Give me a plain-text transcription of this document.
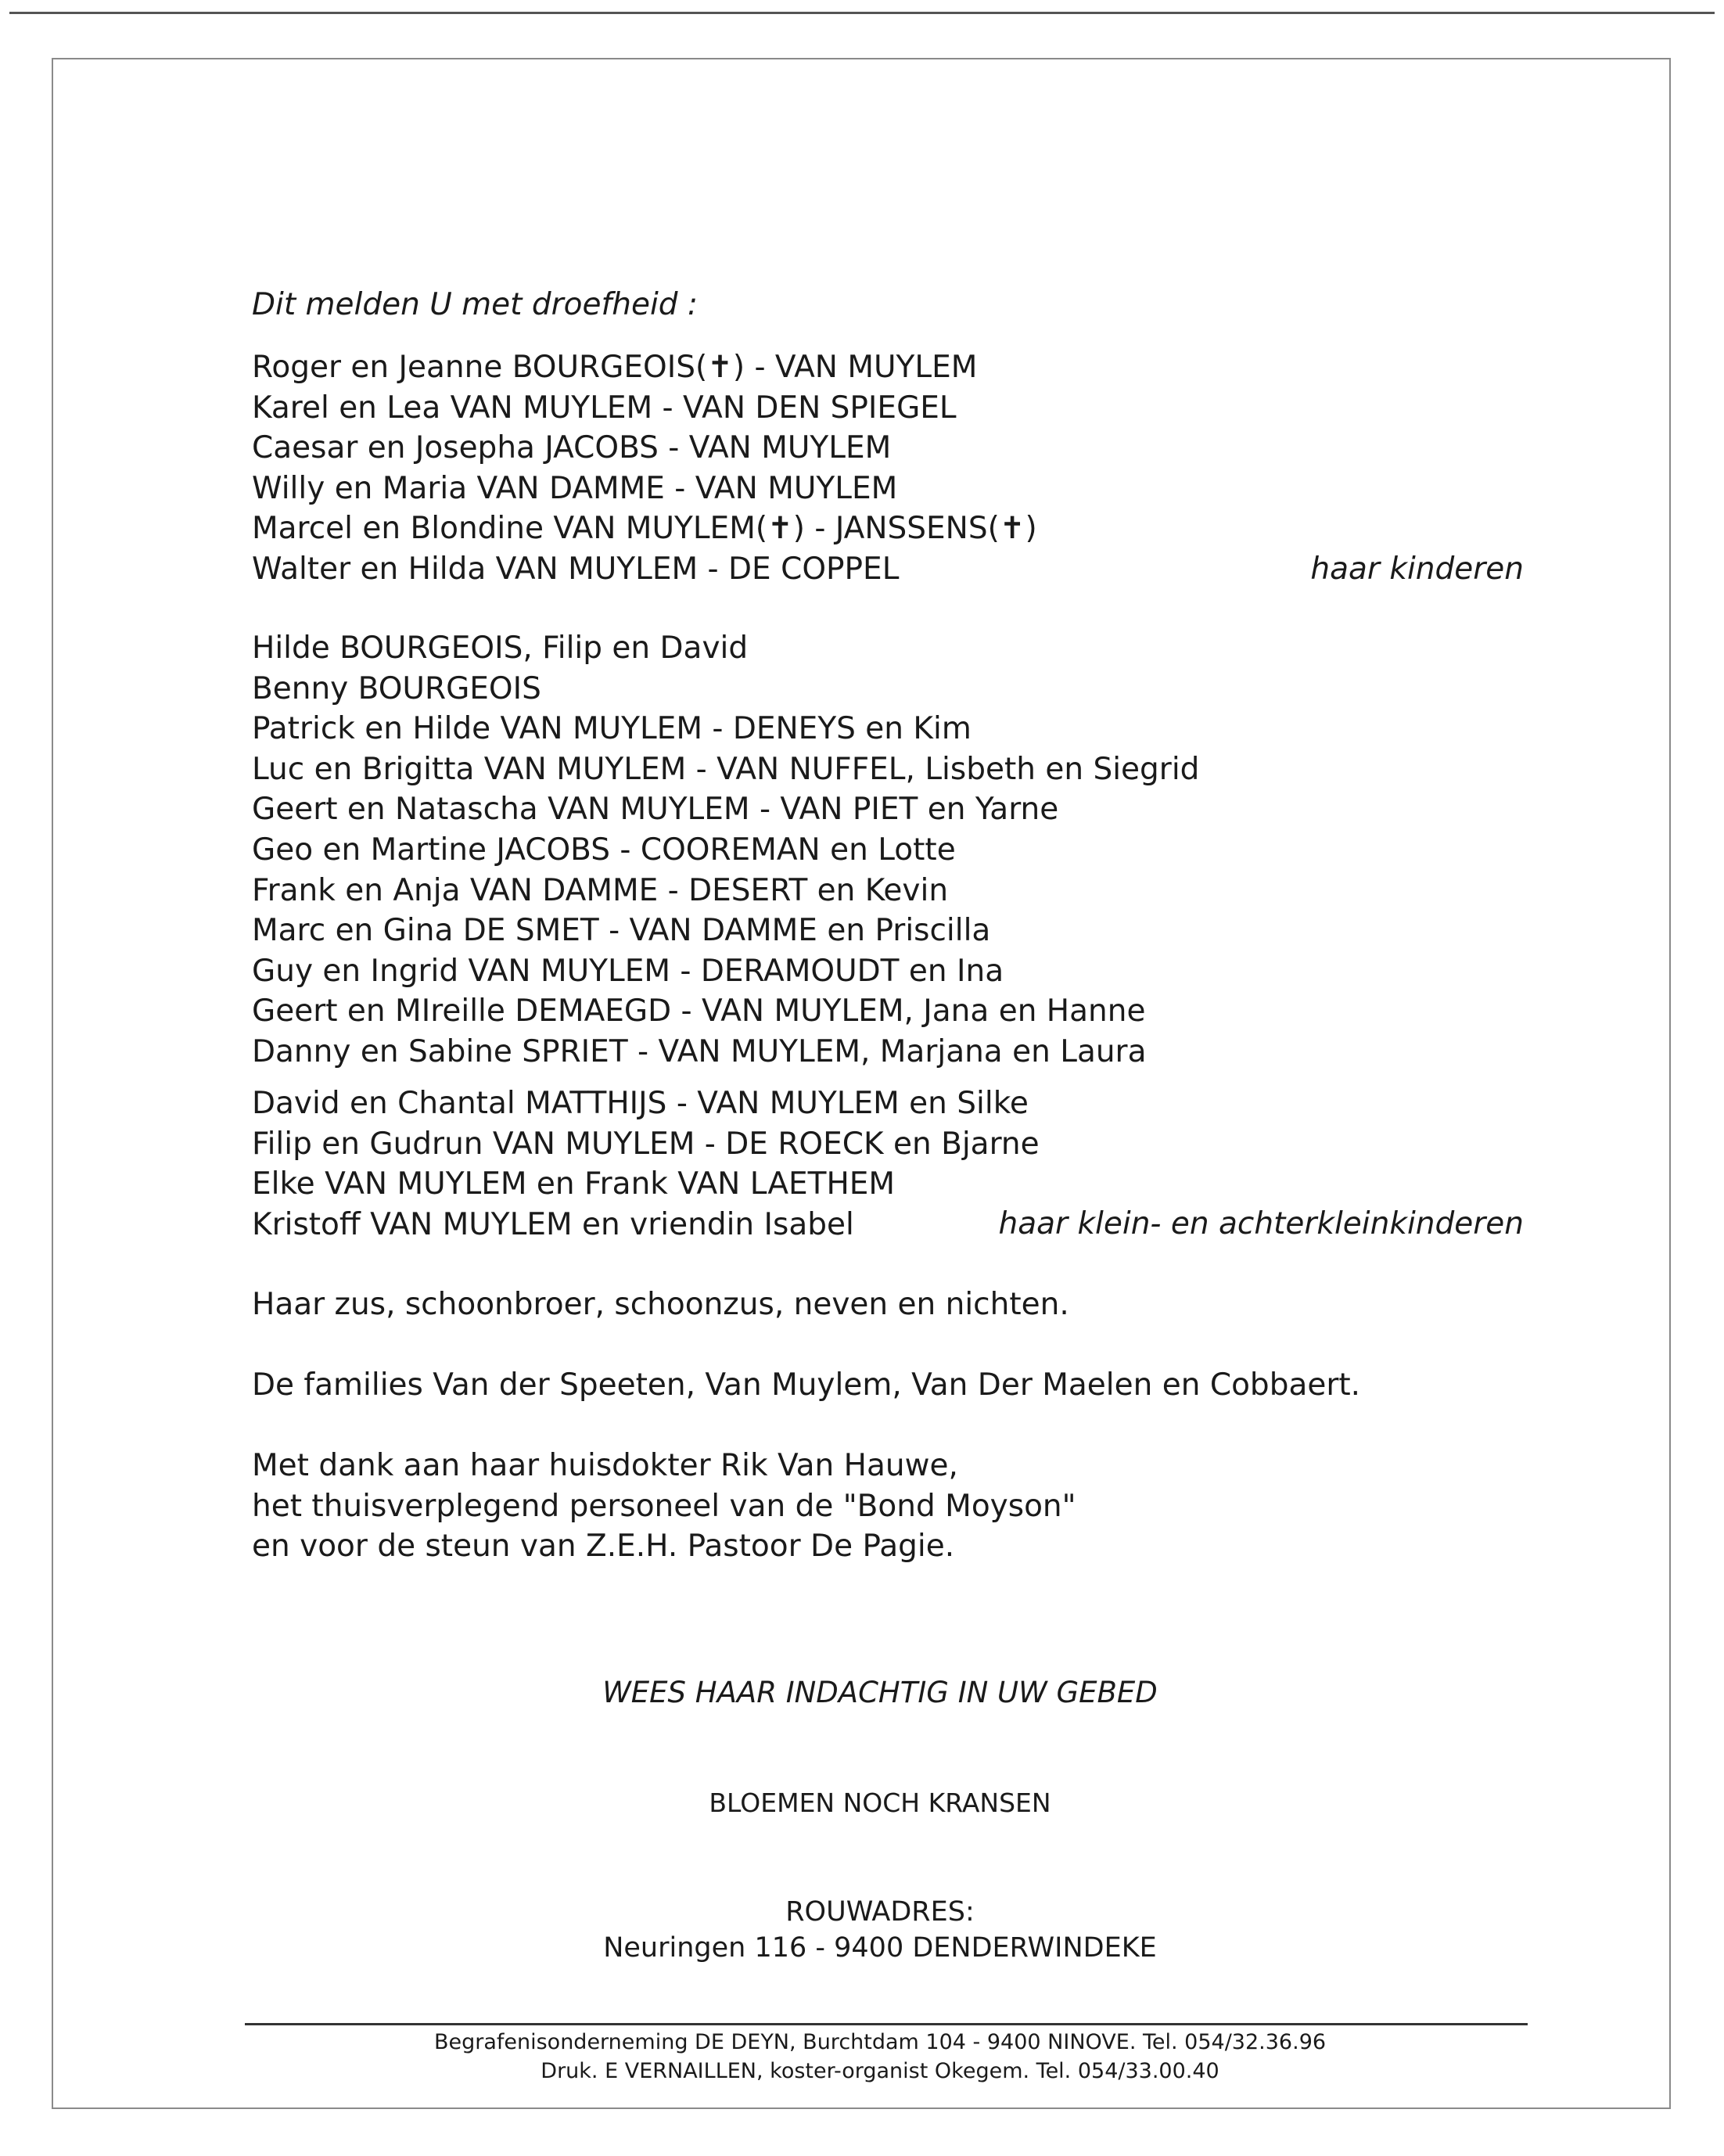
Dit melden U met droefheid :
Roger en Jeanne BOURGEOIS(✝) - VAN MUYLEM
Karel en Lea VAN MUYLEM - VAN DEN SPIEGEL
Caesar en Josepha JACOBS - VAN MUYLEM
Willy en Maria VAN DAMME - VAN MUYLEM
Marcel en Blondine VAN MUYLEM(✝) - JANSSENS(✝)
Walter en Hilda VAN MUYLEM - DE COPPEL	haar kinderen
Hilde BOURGEOIS, Filip en David
Benny BOURGEOIS
Patrick en Hilde VAN MUYLEM - DENEYS en Kim
Luc en Brigitta VAN MUYLEM - VAN NUFFEL, Lisbeth en Siegrid
Geert en Natascha VAN MUYLEM - VAN PIET en Yarne
Geo en Martine JACOBS - COOREMAN en Lotte
Frank en Anja VAN DAMME - DESERT en Kevin
Marc en Gina DE SMET - VAN DAMME en Priscilla
Guy en Ingrid VAN MUYLEM - DERAMOUDT en Ina
Geert en MIreille DEMAEGD - VAN MUYLEM, Jana en Hanne
Danny en Sabine SPRIET - VAN MUYLEM, Marjana en Laura
David en Chantal MATTHIJS - VAN MUYLEM en Silke
Filip en Gudrun VAN MUYLEM - DE ROECK en Bjarne
Elke VAN MUYLEM en Frank VAN LAETHEM
Kristoff VAN MUYLEM en vriendin Isabel	haar klein- en achterkleinkinderen
Haar zus, schoonbroer, schoonzus, neven en nichten.
De families Van der Speeten, Van Muylem, Van Der Maelen en Cobbaert.
Met dank aan haar huisdokter Rik Van Hauwe,
het thuisverplegend personeel van de "Bond Moyson"
en voor de steun van Z.E.H. Pastoor De Pagie.
WEES HAAR INDACHTIG IN UW GEBED
BLOEMEN NOCH KRANSEN
ROUWADRES:
Neuringen 116 - 9400 DENDERWINDEKE
Begrafenisonderneming DE DEYN, Burchtdam 104 - 9400 NINOVE. Tel. 054/32.36.96
Druk. E VERNAILLEN, koster-organist Okegem. Tel. 054/33.00.40
